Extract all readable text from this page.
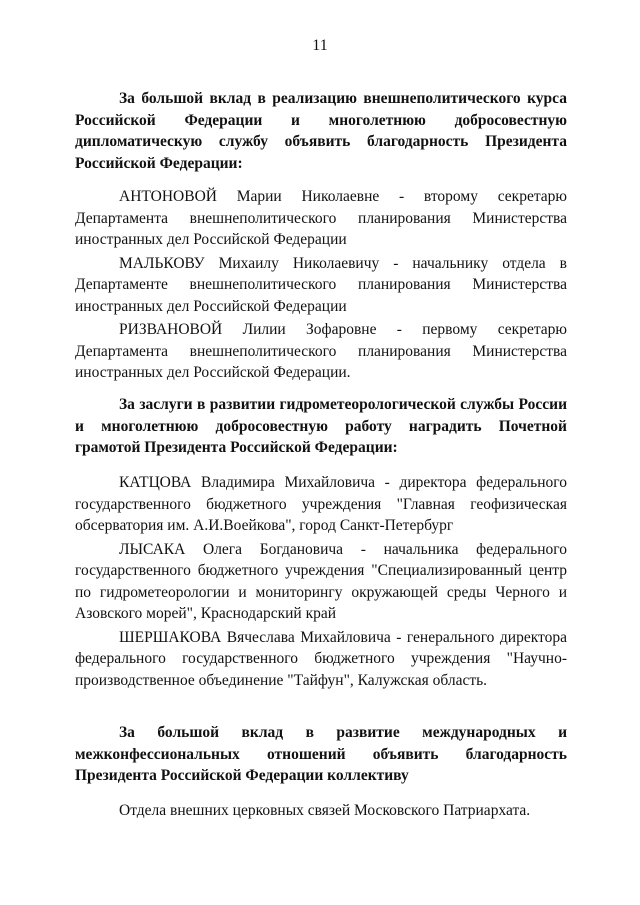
11
За большой вклад в реализацию внешнеполитического курса Российской Федерации и многолетнюю добросовестную дипломатическую службу объявить благодарность Президента Российской Федерации:
АНТОНОВОЙ Марии Николаевне - второму секретарю Департамента внешнеполитического планирования Министерства иностранных дел Российской Федерации
МАЛЬКОВУ Михаилу Николаевичу - начальнику отдела в Департаменте внешнеполитического планирования Министерства иностранных дел Российской Федерации
РИЗВАНОВОЙ Лилии Зофаровне - первому секретарю Департамента внешнеполитического планирования Министерства иностранных дел Российской Федерации.
За заслуги в развитии гидрометеорологической службы России и многолетнюю добросовестную работу наградить Почетной грамотой Президента Российской Федерации:
КАТЦОВА Владимира Михайловича - директора федерального государственного бюджетного учреждения "Главная геофизическая обсерватория им. А.И.Воейкова", город Санкт-Петербург
ЛЫСАКА Олега Богдановича - начальника федерального государственного бюджетного учреждения "Специализированный центр по гидрометеорологии и мониторингу окружающей среды Черного и Азовского морей", Краснодарский край
ШЕРШАКОВА Вячеслава Михайловича - генерального директора федерального государственного бюджетного учреждения "Научно-производственное объединение "Тайфун", Калужская область.
За большой вклад в развитие международных и межконфессиональных отношений объявить благодарность Президента Российской Федерации коллективу
Отдела внешних церковных связей Московского Патриархата.
